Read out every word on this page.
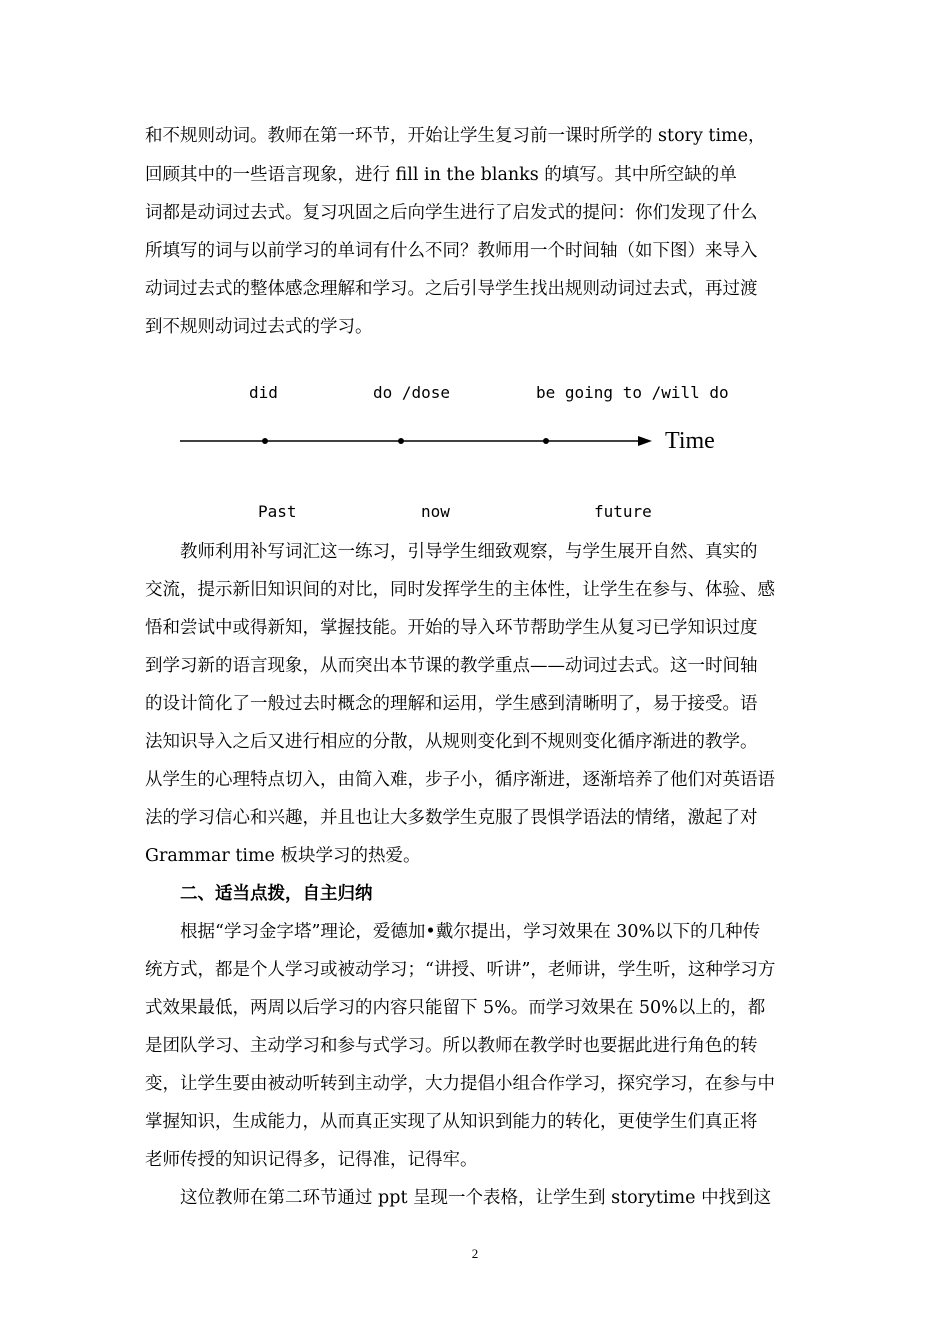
和不规则动词。教师在第一环节，开始让学生复习前一课时所学的 story time，
回顾其中的一些语言现象，进行 fill in the blanks 的填写。其中所空缺的单
词都是动词过去式。复习巩固之后向学生进行了启发式的提问：你们发现了什么
所填写的词与以前学习的单词有什么不同？教师用一个时间轴（如下图）来导入
动词过去式的整体感念理解和学习。之后引导学生找出规则动词过去式，再过渡
到不规则动词过去式的学习。
did	do /dose	be going to /will do
Time
Past	now	future
教师利用补写词汇这一练习，引导学生细致观察，与学生展开自然、真实的
交流，提示新旧知识间的对比，同时发挥学生的主体性，让学生在参与、体验、感
悟和尝试中或得新知，掌握技能。开始的导入环节帮助学生从复习已学知识过度
到学习新的语言现象，从而突出本节课的教学重点——动词过去式。这一时间轴
的设计简化了一般过去时概念的理解和运用，学生感到清晰明了，易于接受。语
法知识导入之后又进行相应的分散，从规则变化到不规则变化循序渐进的教学。
从学生的心理特点切入，由简入难，步子小，循序渐进，逐渐培养了他们对英语语
法的学习信心和兴趣，并且也让大多数学生克服了畏惧学语法的情绪，激起了对
Grammar time 板块学习的热爱。
二、适当点拨，自主归纳
根据“学习金字塔”理论，爱德加•戴尔提出，学习效果在 30%以下的几种传
统方式，都是个人学习或被动学习；“讲授、听讲”，老师讲，学生听，这种学习方
式效果最低，两周以后学习的内容只能留下 5%。而学习效果在 50%以上的，都
是团队学习、主动学习和参与式学习。所以教师在教学时也要据此进行角色的转
变，让学生要由被动听转到主动学，大力提倡小组合作学习，探究学习，在参与中
掌握知识，生成能力，从而真正实现了从知识到能力的转化，更使学生们真正将
老师传授的知识记得多，记得准，记得牢。
这位教师在第二环节通过 ppt 呈现一个表格，让学生到 storytime 中找到这
2
